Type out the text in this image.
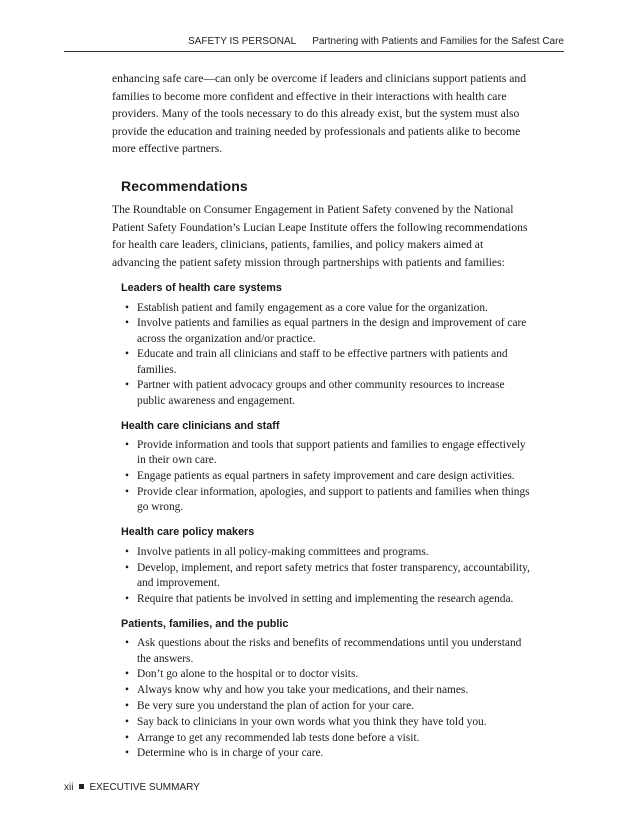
SAFETY IS PERSONAL Partnering with Patients and Families for the Safest Care

enhancing safe care—can only be overcome if leaders and clinicians support patients and families to become more confident and effective in their interactions with health care providers. Many of the tools necessary to do this already exist, but the system must also provide the education and training needed by professionals and patients alike to become more effective partners.

Recommendations

The Roundtable on Consumer Engagement in Patient Safety convened by the National Patient Safety Foundation’s Lucian Leape Institute offers the following recommendations for health care leaders, clinicians, patients, families, and policy makers aimed at advancing the patient safety mission through partnerships with patients and families:

Leaders of health care systems
• Establish patient and family engagement as a core value for the organization.
• Involve patients and families as equal partners in the design and improvement of care across the organization and/or practice.
• Educate and train all clinicians and staff to be effective partners with patients and families.
• Partner with patient advocacy groups and other community resources to increase public awareness and engagement.
Health care clinicians and staff
• Provide information and tools that support patients and families to engage effectively in their own care.
• Engage patients as equal partners in safety improvement and care design activities.
• Provide clear information, apologies, and support to patients and families when things go wrong.
Health care policy makers
• Involve patients in all policy-making committees and programs.
• Develop, implement, and report safety metrics that foster transparency, accountability, and improvement.
• Require that patients be involved in setting and implementing the research agenda.
Patients, families, and the public
• Ask questions about the risks and benefits of recommendations until you understand the answers.
• Don’t go alone to the hospital or to doctor visits.
• Always know why and how you take your medications, and their names.
• Be very sure you understand the plan of action for your care.
• Say back to clinicians in your own words what you think they have told you.
• Arrange to get any recommended lab tests done before a visit.
• Determine who is in charge of your care.
xii EXECUTIVE SUMMARY
